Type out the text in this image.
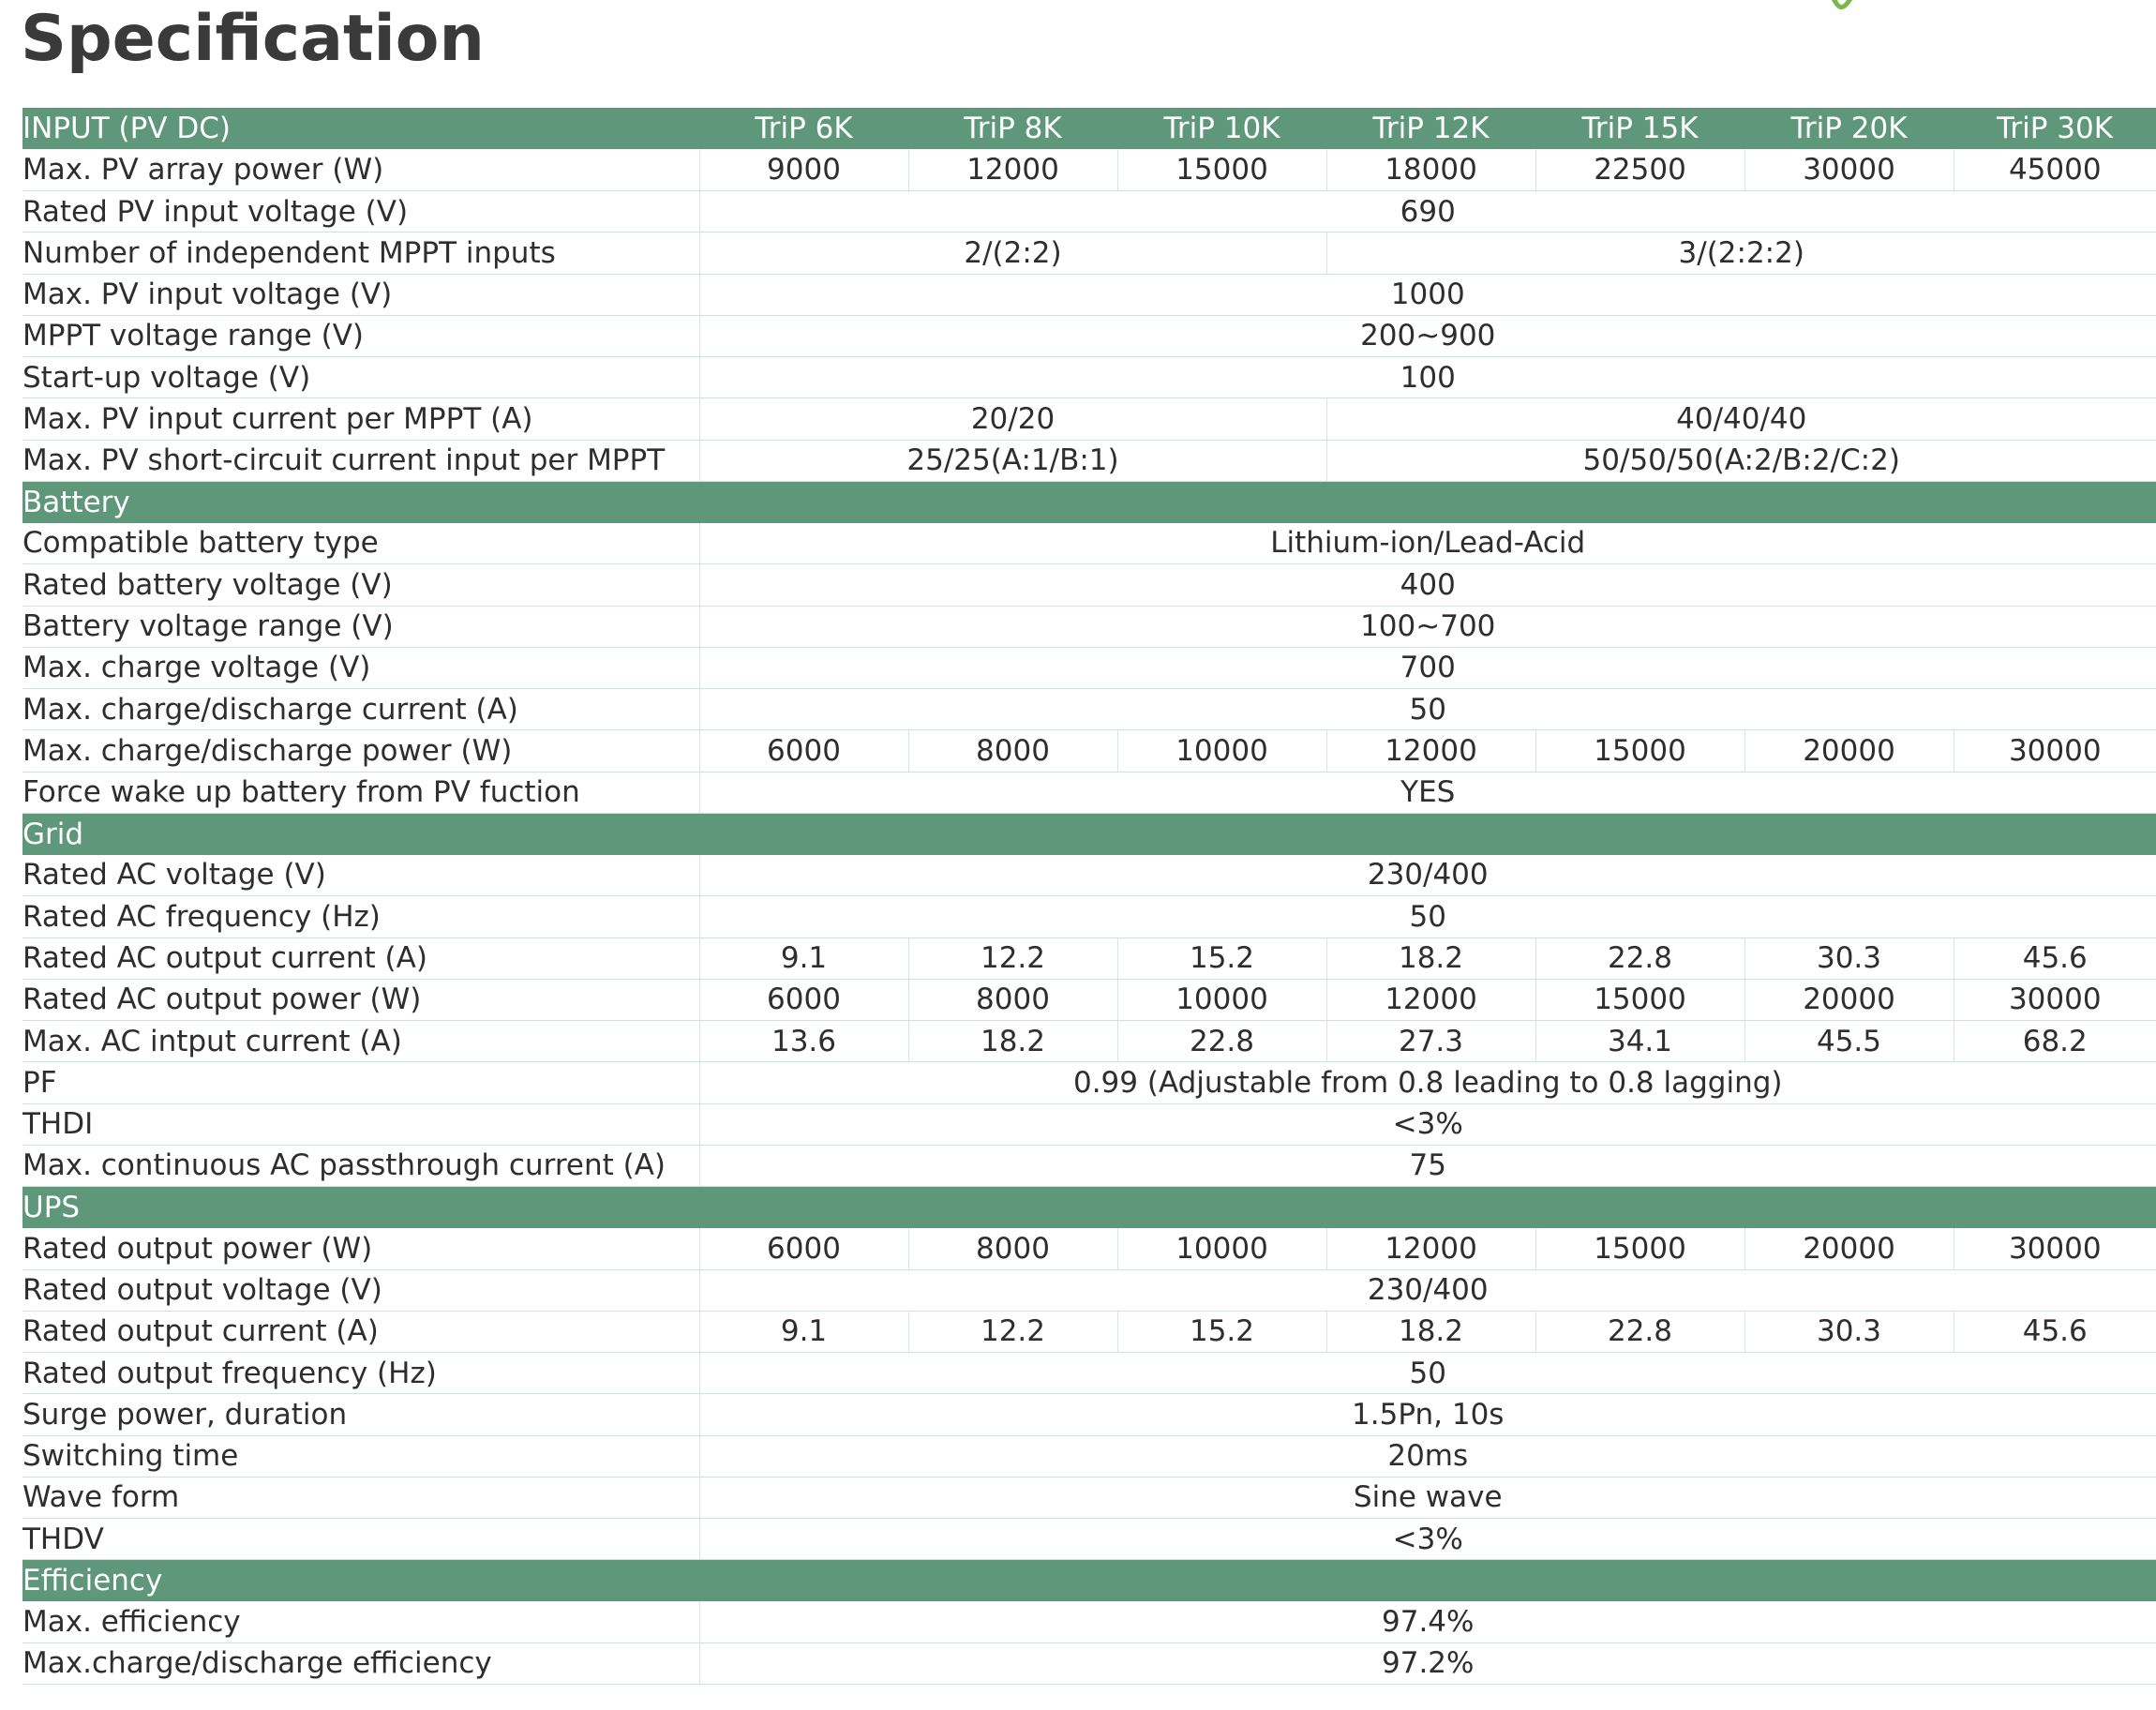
Specification
INPUT (PV DC)	TriP 6K	TriP 8K	TriP 10K	TriP 12K	TriP 15K	TriP 20K	TriP 30K
Max. PV array power (W)	9000	12000	15000	18000	22500	30000	45000
Rated PV input voltage (V)	690						
Number of independent MPPT inputs	2/(2:2)			3/(2:2:2)			
Max. PV input voltage (V)	1000						
MPPT voltage range (V)	200~900						
Start-up voltage (V)	100						
Max. PV input current per MPPT (A)	20/20			40/40/40			
Max. PV short-circuit current input per MPPT	25/25(A:1/B:1)			50/50/50(A:2/B:2/C:2)			
Battery							
Compatible battery type	Lithium-ion/Lead-Acid						
Rated battery voltage (V)	400						
Battery voltage range (V)	100~700						
Max. charge voltage (V)	700						
Max. charge/discharge current (A)	50						
Max. charge/discharge power (W)	6000	8000	10000	12000	15000	20000	30000
Force wake up battery from PV fuction	YES						
Grid							
Rated AC voltage (V)	230/400						
Rated AC frequency (Hz)	50						
Rated AC output current (A)	9.1	12.2	15.2	18.2	22.8	30.3	45.6
Rated AC output power (W)	6000	8000	10000	12000	15000	20000	30000
Max. AC intput current (A)	13.6	18.2	22.8	27.3	34.1	45.5	68.2
PF	0.99 (Adjustable from 0.8 leading to 0.8 lagging)						
THDI	<3%						
Max. continuous AC passthrough current (A)	75						
UPS							
Rated output power (W)	6000	8000	10000	12000	15000	20000	30000
Rated output voltage (V)	230/400						
Rated output current (A)	9.1	12.2	15.2	18.2	22.8	30.3	45.6
Rated output frequency (Hz)	50						
Surge power, duration	1.5Pn, 10s						
Switching time	20ms						
Wave form	Sine wave						
THDV	<3%						
Efficiency							
Max. efficiency	97.4%						
Max.charge/discharge efficiency	97.2%						
